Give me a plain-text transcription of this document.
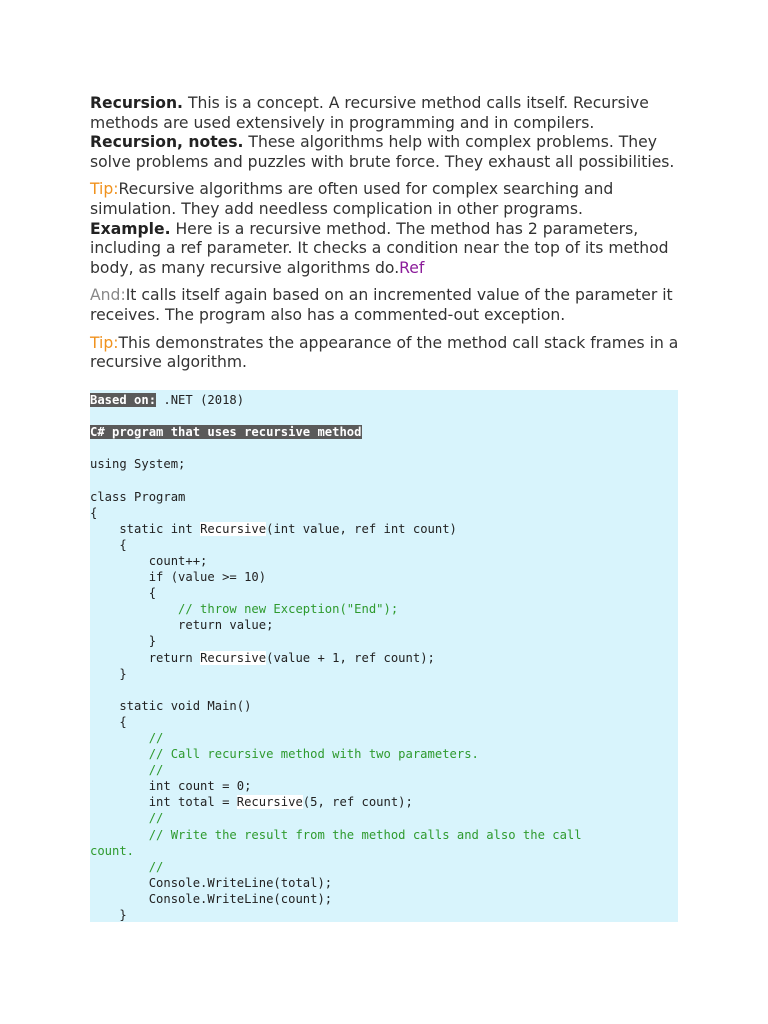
Recursion. This is a concept. A recursive method calls itself. Recursive methods are used extensively in programming and in compilers.

Recursion, notes. These algorithms help with complex problems. They solve problems and puzzles with brute force. They exhaust all possibilities.

Tip:Recursive algorithms are often used for complex searching and simulation. They add needless complication in other programs.

Example. Here is a recursive method. The method has 2 parameters, including a ref parameter. It checks a condition near the top of its method body, as many recursive algorithms do.Ref

And:It calls itself again based on an incremented value of the parameter it receives. The program also has a commented-out exception.

Tip:This demonstrates the appearance of the method call stack frames in a recursive algorithm.

Based on: .NET (2018)

C# program that uses recursive method

using System;

class Program
{
static int Recursive(int value, ref int count)
{
count++;
if (value >= 10)
{
// throw new Exception("End");
return value;
}
return Recursive(value + 1, ref count);
}

static void Main()
{
//
// Call recursive method with two parameters.
//
int count = 0;
int total = Recursive(5, ref count);
//
// Write the result from the method calls and also the call
count.
//
Console.WriteLine(total);
Console.WriteLine(count);
}
